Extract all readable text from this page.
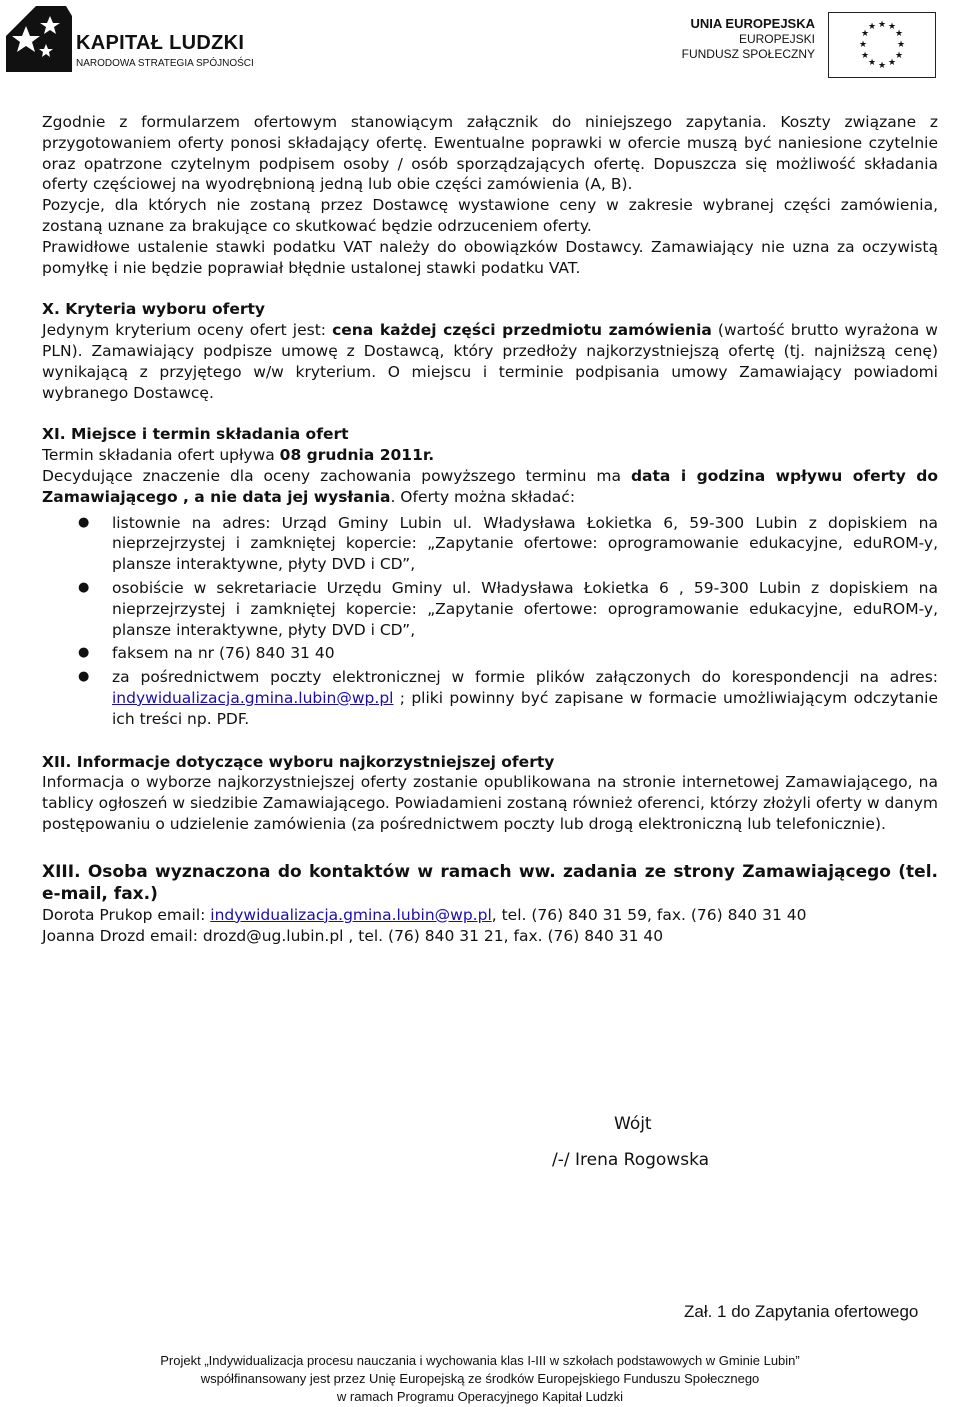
KAPITAŁ LUDZKI
NARODOWA STRATEGIA SPÓJNOŚCI
UNIA EUROPEJSKA
EUROPEJSKI
FUNDUSZ SPOŁECZNY
★ ★
★
★
★
★
★
★
★
★
★
★

Zgodnie z formularzem ofertowym stanowiącym załącznik do niniejszego zapytania. Koszty związane z przygotowaniem oferty ponosi składający ofertę. Ewentualne poprawki w ofercie muszą być naniesione czytelnie oraz opatrzone czytelnym podpisem osoby / osób sporządzających ofertę. Dopuszcza się możliwość składania oferty częściowej na wyodrębnioną jedną lub obie części zamówienia (A, B).

Pozycje, dla których nie zostaną przez Dostawcę wystawione ceny w zakresie wybranej części zamówienia, zostaną uznane za brakujące co skutkować będzie odrzuceniem oferty.

Prawidłowe ustalenie stawki podatku VAT należy do obowiązków Dostawcy. Zamawiający nie uzna za oczywistą pomyłkę i nie będzie poprawiał błędnie ustalonej stawki podatku VAT.

X. Kryteria wyboru oferty

Jedynym kryterium oceny ofert jest: cena każdej części przedmiotu zamówienia (wartość brutto wyrażona w PLN). Zamawiający podpisze umowę z Dostawcą, który przedłoży najkorzystniejszą ofertę (tj. najniższą cenę) wynikającą z przyjętego w/w kryterium. O miejscu i terminie podpisania umowy Zamawiający powiadomi wybranego Dostawcę.

XI. Miejsce i termin składania ofert

Termin składania ofert upływa 08 grudnia 2011r.

Decydujące znaczenie dla oceny zachowania powyższego terminu ma data i godzina wpływu oferty do Zamawiającego , a nie data jej wysłania. Oferty można składać:

● listownie na adres: Urząd Gminy Lubin ul. Władysława Łokietka 6, 59-300 Lubin z dopiskiem na nieprzejrzystej i zamkniętej kopercie: „Zapytanie ofertowe: oprogramowanie edukacyjne, eduROM-y, plansze interaktywne, płyty DVD i CD”,
● osobiście w sekretariacie Urzędu Gminy ul. Władysława Łokietka 6 , 59-300 Lubin z dopiskiem na nieprzejrzystej i zamkniętej kopercie: „Zapytanie ofertowe: oprogramowanie edukacyjne, eduROM-y, plansze interaktywne, płyty DVD i CD”,
● faksem na nr (76) 840 31 40
● za pośrednictwem poczty elektronicznej w formie plików załączonych do korespondencji na adres: indywidualizacja.gmina.lubin@wp.pl ; pliki powinny być zapisane w formacie umożliwiającym odczytanie ich treści np. PDF.

XII. Informacje dotyczące wyboru najkorzystniejszej oferty

Informacja o wyborze najkorzystniejszej oferty zostanie opublikowana na stronie internetowej Zamawiającego, na tablicy ogłoszeń w siedzibie Zamawiającego. Powiadamieni zostaną również oferenci, którzy złożyli oferty w danym postępowaniu o udzielenie zamówienia (za pośrednictwem poczty lub drogą elektroniczną lub telefonicznie).

XIII. Osoba wyznaczona do kontaktów w ramach ww. zadania ze strony Zamawiającego (tel. e-mail, fax.)

Dorota Prukop email: indywidualizacja.gmina.lubin@wp.pl, tel. (76) 840 31 59, fax. (76) 840 31 40

Joanna Drozd email: drozd@ug.lubin.pl , tel. (76) 840 31 21, fax. (76) 840 31 40

Wójt
/-/ Irena Rogowska
Zał. 1 do Zapytania ofertowego
Projekt „Indywidualizacja procesu nauczania i wychowania klas I-III w szkołach podstawowych w Gminie Lubin”
współfinansowany jest przez Unię Europejską ze środków Europejskiego Funduszu Społecznego
w ramach Programu Operacyjnego Kapitał Ludzki
